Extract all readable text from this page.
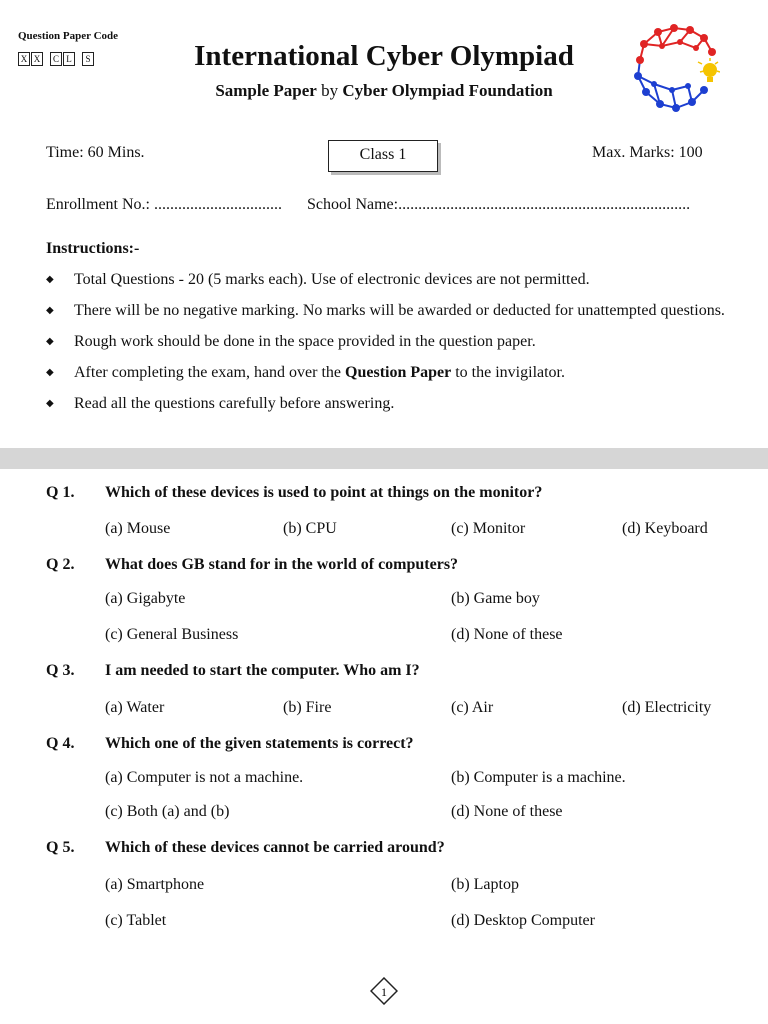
Question Paper Code
X X	C L	S	International Cyber Olympiad
Sample Paper by Cyber Olympiad Foundation
Time: 60 Mins.	Class 1	Max. Marks: 100
Enrollment No.: ................................ School Name:.........................................................................
Instructions:-
◆ Total Questions - 20 (5 marks each). Use of electronic devices are not permitted.
◆ There will be no negative marking. No marks will be awarded or deducted for unattempted questions.
◆ Rough work should be done in the space provided in the question paper.
◆ After completing the exam, hand over the Question Paper to the invigilator.
◆ Read all the questions carefully before answering.
Q 1.	Which of these devices is used to point at things on the monitor?
(a) Mouse	(b) CPU	(c) Monitor	(d) Keyboard
Q 2.	What does GB stand for in the world of computers?
(a) Gigabyte	(b) Game boy
(c) General Business	(d) None of these
Q 3.	I am needed to start the computer. Who am I?
(a) Water	(b) Fire	(c) Air	(d) Electricity
Q 4.	Which one of the given statements is correct?
(a) Computer is not a machine.	(b) Computer is a machine.
(c) Both (a) and (b)	(d) None of these
Q 5.	Which of these devices cannot be carried around?
(a) Smartphone	(b) Laptop
(c) Tablet	(d) Desktop Computer
1
